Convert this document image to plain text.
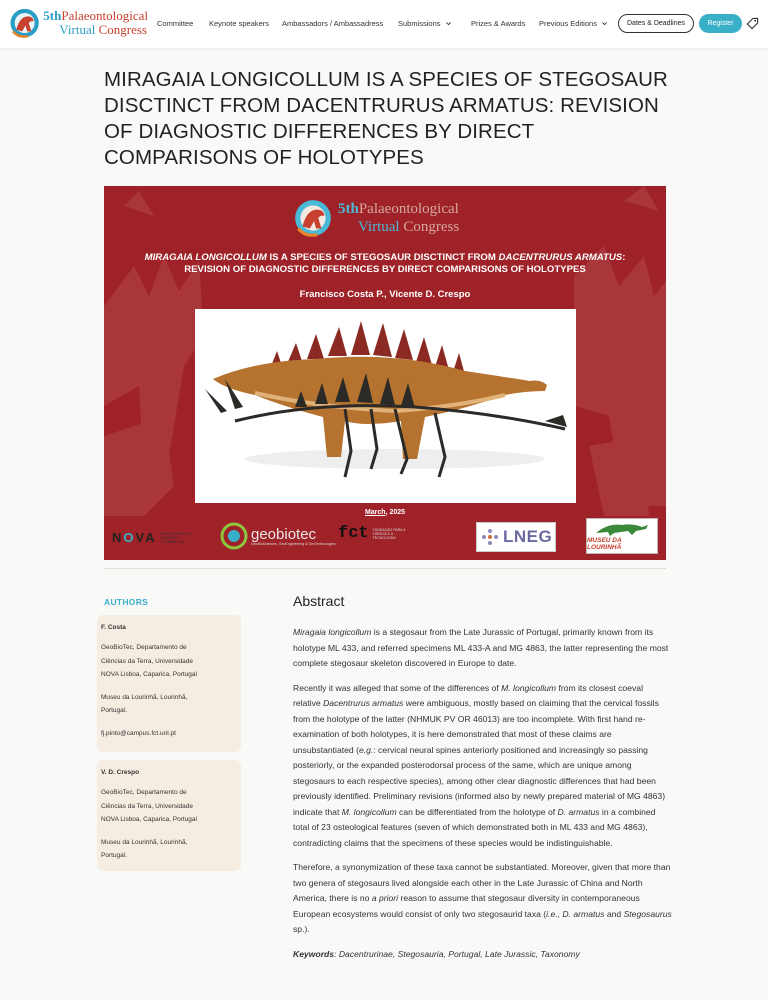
5thPalaeontological
Virtual Congress Committee Keynote speakers Ambassadors / Ambassadress Submissions	Prizes & Awards Previous Editions	Dates & Deadlines	Register
MIRAGAIA LONGICOLLUM IS A SPECIES OF STEGOSAUR DISCTINCT FROM DACENTRURUS ARMATUS: REVISION OF DIAGNOSTIC DIFFERENCES BY DIRECT COMPARISONS OF HOLOTYPES
5thPalaeontological
Virtual Congress
MIRAGAIA LONGICOLLUM IS A SPECIES OF STEGOSAUR DISCTINCT FROM DACENTRURUS ARMATUS:
REVISION OF DIAGNOSTIC DIFFERENCES BY DIRECT COMPARISONS OF HOLOTYPES
Francisco Costa P., Vicente D. Crespo
March, 2025
N O VA NOVA SCHOOL OF SCIENCE & TECHNOLOGY	geobiotec
GeoBioSciences, GeoEngineering & GeoTechnologies
fct FUNDAÇÃO PARA A CIÊNCIA E A TECNOLOGIA	LNEG	MUSEU DA LOURINHÃ
AUTHORS
F. Costa
GeoBioTec, Departamento de
Ciências da Terra, Universidade
NOVA Lisboa, Caparica, Portugal
Museu da Lourinhã, Lourinhã,
Portugal.
fj.pinto@campus.fct.unl.pt
V. D. Crespo
GeoBioTec, Departamento de
Ciências da Terra, Universidade
NOVA Lisboa, Caparica, Portugal
Museu da Lourinhã, Lourinhã,
Portugal.
Abstract

Miragaia longicollum is a stegosaur from the Late Jurassic of Portugal, primarily known from its holotype ML 433, and referred specimens ML 433-A and MG 4863, the latter representing the most complete stegosaur skeleton discovered in Europe to date.

Recently it was alleged that some of the differences of M. longicollum from its closest coeval relative Dacentrurus armatus were ambiguous, mostly based on claiming that the cervical fossils from the holotype of the latter (NHMUK PV OR 46013) are too incomplete. With first hand re-examination of both holotypes, it is here demonstrated that most of these claims are unsubstantiated (e.g.: cervical neural spines anteriorly positioned and increasingly so passing posteriorly, or the expanded posterodorsal process of the same, which are unique among stegosaurs to each respective species), among other clear diagnostic differences that had been previously identified. Preliminary revisions (informed also by newly prepared material of MG 4863) indicate that M. longicollum can be differentiated from the holotype of D. armatus in a combined total of 23 osteological features (seven of which demonstrated both in ML 433 and MG 4863), contradicting claims that the specimens of these species would be indistinguishable.

Therefore, a synonymization of these taxa cannot be substantiated. Moreover, given that more than two genera of stegosaurs lived alongside each other in the Late Jurassic of China and North America, there is no a priori reason to assume that stegosaur diversity in contemporaneous European ecosystems would consist of only two stegosaurid taxa (i.e., D. armatus and Stegosaurus sp.).

Keywords: Dacentrurinae, Stegosauria, Portugal, Late Jurassic, Taxonomy
